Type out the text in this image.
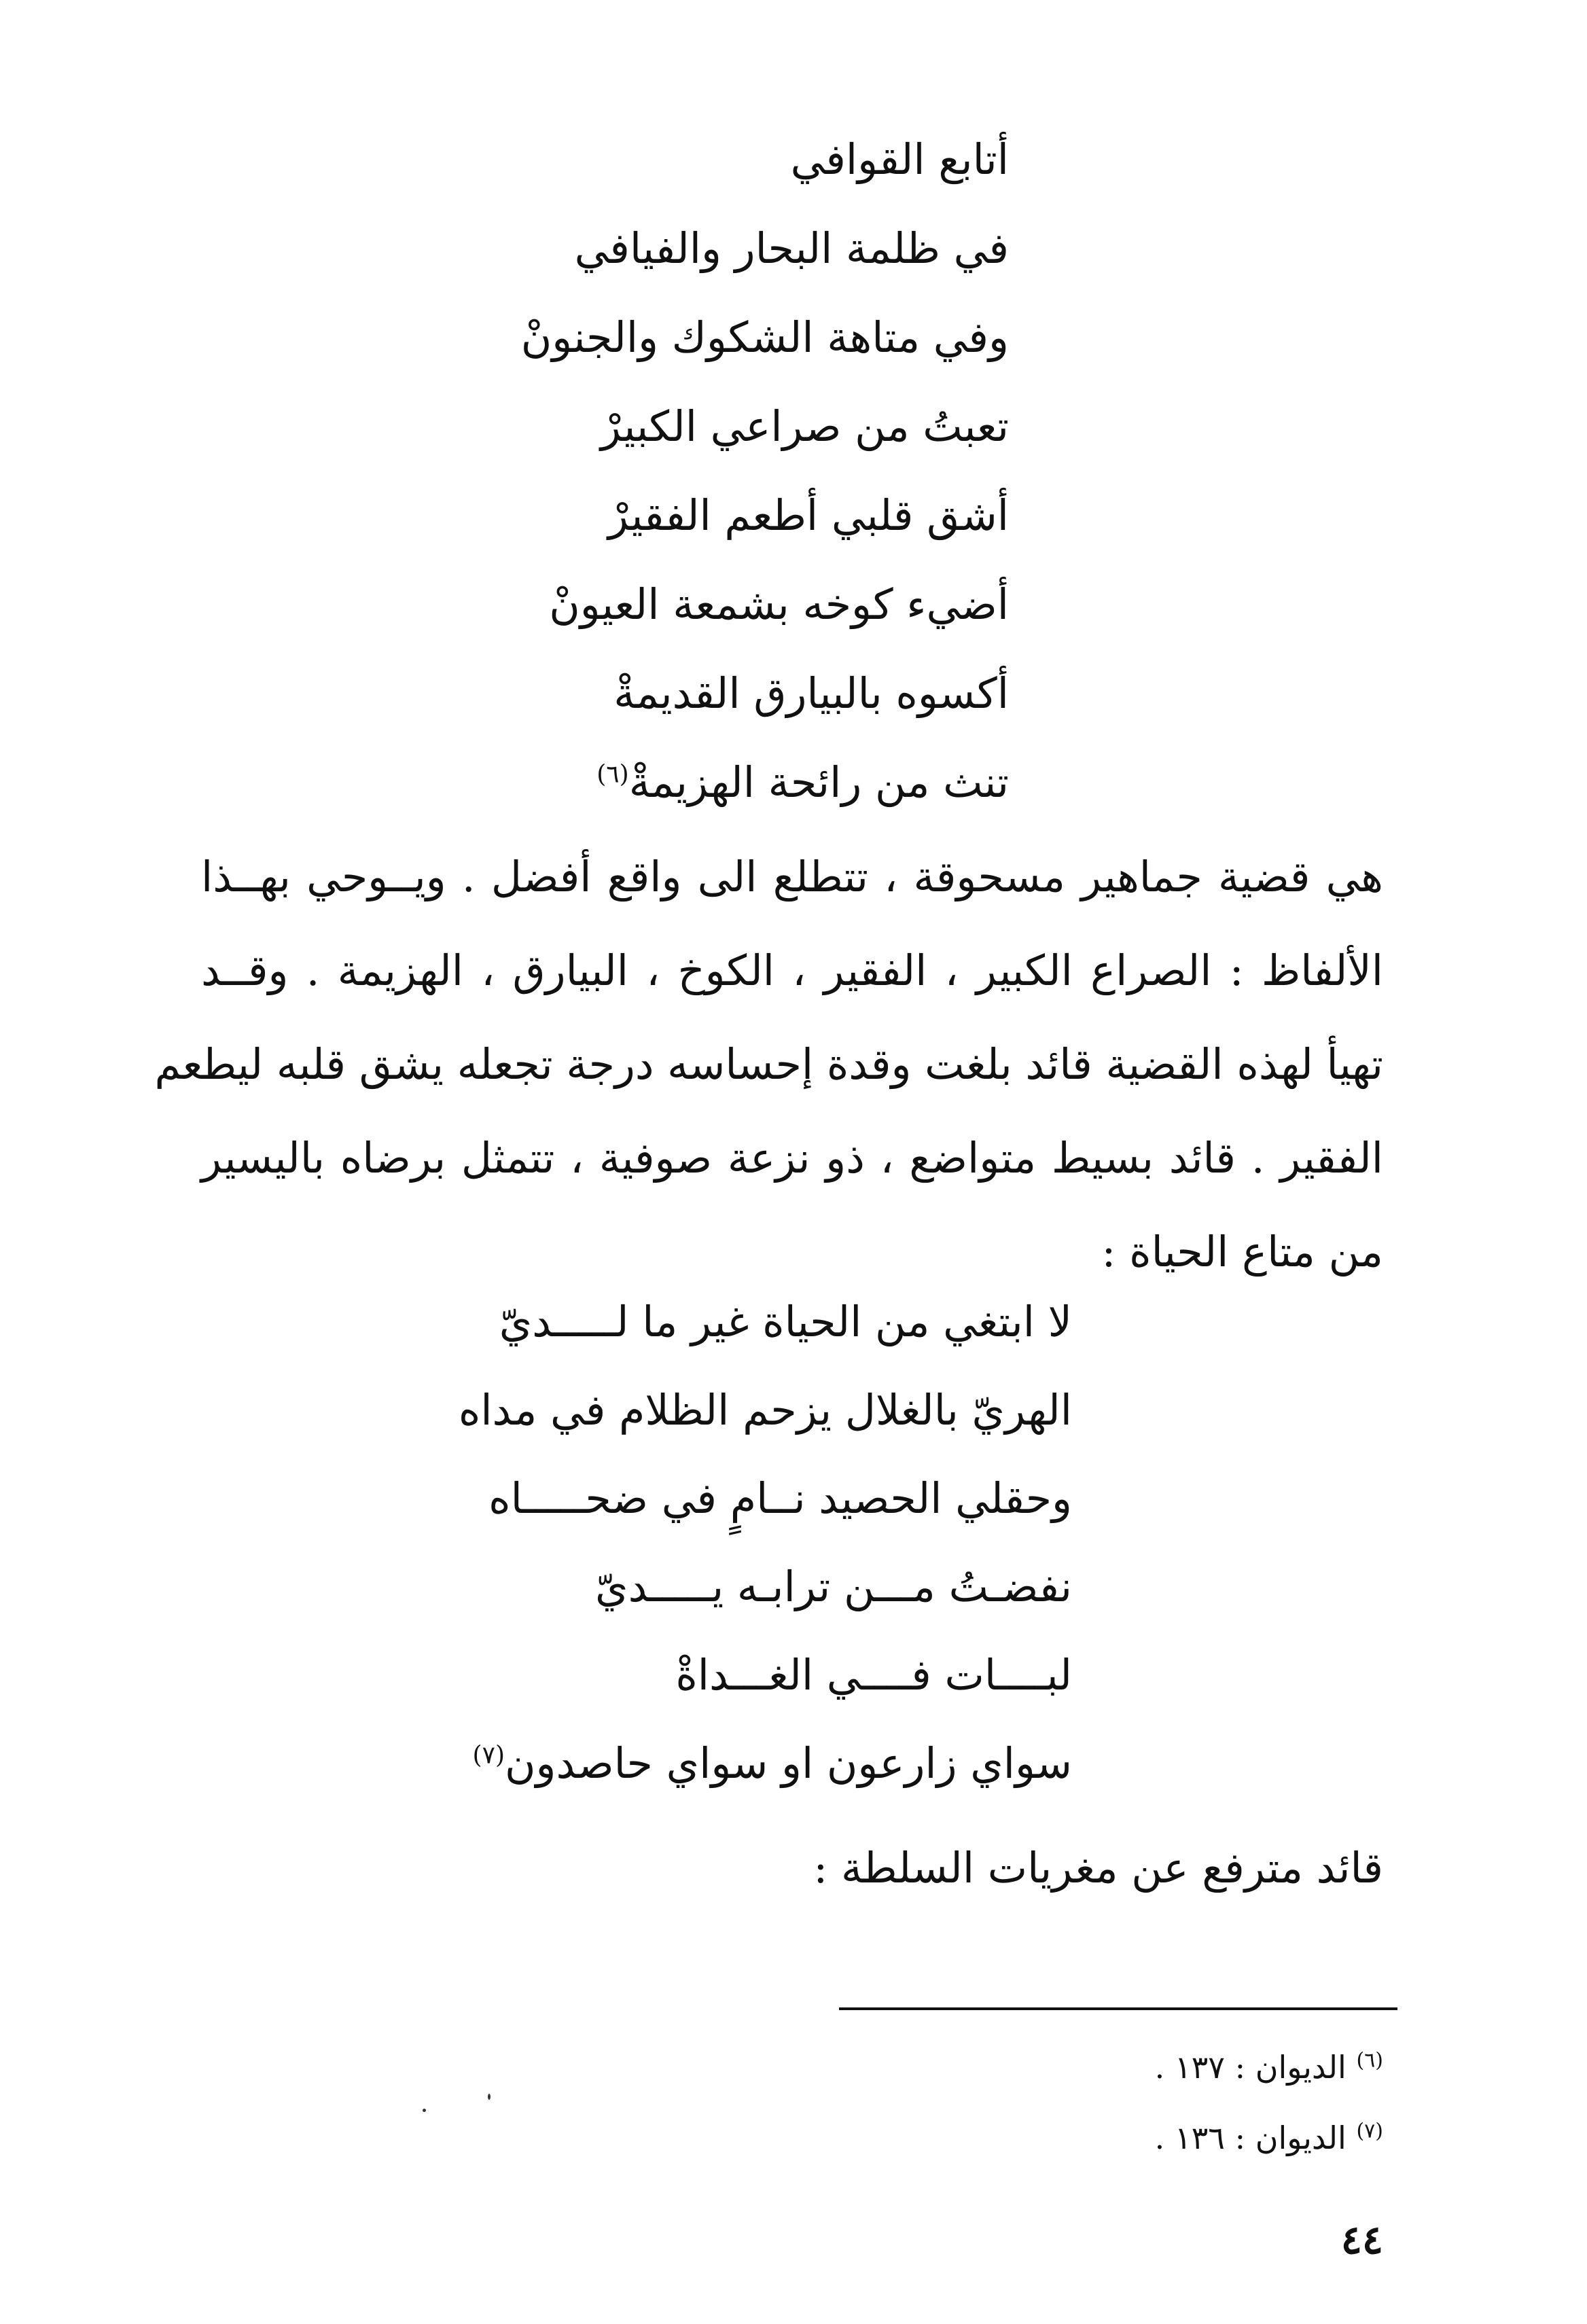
أتابع القوافي
في ظلمة البحار والفيافي
وفي متاهة الشكوك والجنونْ
تعبتُ من صراعي الكبيرْ
أشق قلبي أطعم الفقيرْ
أضيء كوخه بشمعة العيونْ
أكسوه بالبيارق القديمةْ
تنث من رائحة الهزيمةْ$^{(٦)}$
هي قضية جماهير مسحوقة ، تتطلع الى واقع أفضل . ويــوحي بهــذا
الألفاظ : الصراع الكبير ، الفقير ، الكوخ ، البيارق ، الهزيمة . وقــد
تهيأ لهذه القضية قائد بلغت وقدة إحساسه درجة تجعله يشق قلبه ليطعم
الفقير . قائد بسيط متواضع ، ذو نزعة صوفية ، تتمثل برضاه باليسير
من متاع الحياة :
لا ابتغي من الحياة غير ما لـــــديّ
الهريّ بالغلال يزحم الظلام في مداه
وحقلي الحصيد نــامٍ في ضحـــــاه
نفضـتُ مـــن ترابـه يـــــديّ
لبــــات فــــي الغـــداةْ
سواي زارعون او سواي حاصدون$^{(٧)}$
قائد مترفع عن مغريات السلطة :
$^{(٦)}$ الديوان : ١٣٧ .
$^{(٧)}$ الديوان : ١٣٦ .
٤٤
